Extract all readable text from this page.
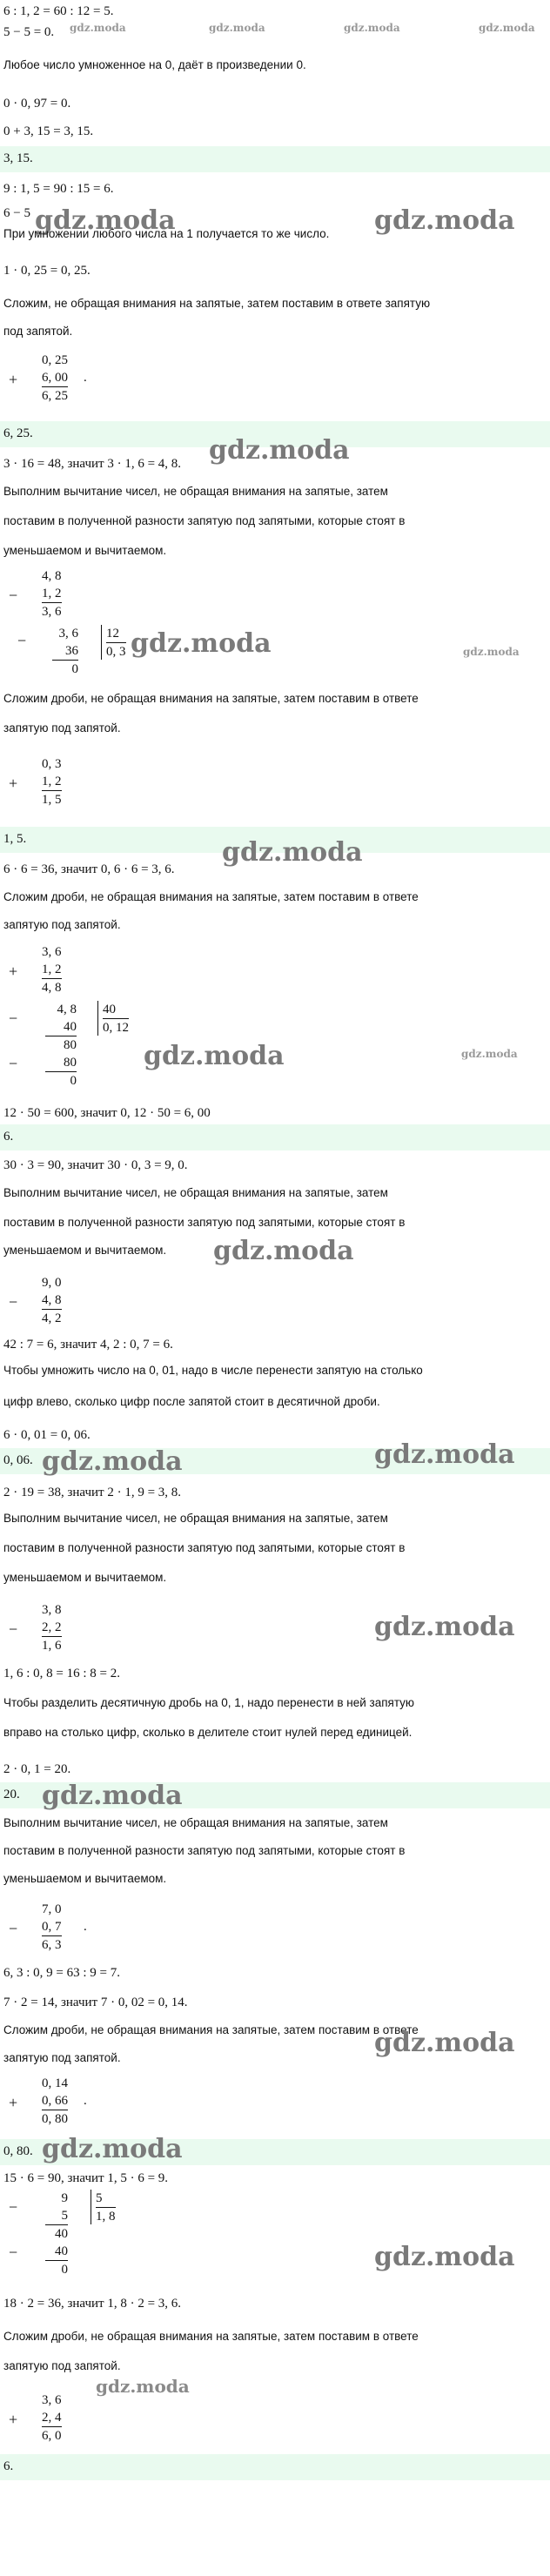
gdz.moda	gdz.moda	gdz.moda	gdz.moda
6 : 1, 2 = 60 : 12 = 5.
5 − 5 = 0.
Любое число умноженное на 0, даёт в произведении 0.
0 · 0, 97 = 0.
0 + 3, 15 = 3, 15.
3, 15.
9 : 1, 5 = 90 : 15 = 6.
6 − 5 gdz.moda	gdz.moda
При умножении любого числа на 1 получается то же число.
1 · 0, 25 = 0, 25.
Сложим, не обращая внимания на запятые, затем поставим в ответе запятую
под запятой.
+
0, 25
6, 00
6, 25
.
6, 25.
gdz.moda
3 · 16 = 48, значит 3 · 1, 6 = 4, 8.
Выполним вычитание чисел, не обращая внимания на запятые, затем
поставим в полученной разности запятую под запятыми, которые стоят в
уменьшаемом и вычитаемом.
−
4, 8
1, 2
3, 6
−	3, 6
36
0
12
0, 3 gdz.moda	gdz.moda
Сложим дроби, не обращая внимания на запятые, затем поставим в ответе
запятую под запятой.
+
0, 3
1, 2
1, 5
1, 5.	gdz.moda
6 · 6 = 36, значит 0, 6 · 6 = 3, 6.
Сложим дроби, не обращая внимания на запятые, затем поставим в ответе
запятую под запятой.
+
3, 6
1, 2
4, 8
−
−
4, 8
40
80
80
0
40
0, 12
gdz.moda	gdz.moda
12 · 50 = 600, значит 0, 12 · 50 = 6, 00
6.
30 · 3 = 90, значит 30 · 0, 3 = 9, 0.
Выполним вычитание чисел, не обращая внимания на запятые, затем
поставим в полученной разности запятую под запятыми, которые стоят в
уменьшаемом и вычитаемом. gdz.moda
−
9, 0
4, 8
4, 2
42 : 7 = 6, значит 4, 2 : 0, 7 = 6.
Чтобы умножить число на 0, 01, надо в числе перенести запятую на столько
цифр влево, сколько цифр после запятой стоит в десятичной дроби.
6 · 0, 01 = 0, 06.
0, 06. gdz.moda	gdz.moda
2 · 19 = 38, значит 2 · 1, 9 = 3, 8.
Выполним вычитание чисел, не обращая внимания на запятые, затем
поставим в полученной разности запятую под запятыми, которые стоят в
уменьшаемом и вычитаемом.
−
3, 8
2, 2
1, 6
gdz.moda
1, 6 : 0, 8 = 16 : 8 = 2.
Чтобы разделить десятичную дробь на 0, 1, надо перенести в ней запятую
вправо на столько цифр, сколько в делителе стоит нулей перед единицей.
2 · 0, 1 = 20.
20. gdz.moda
Выполним вычитание чисел, не обращая внимания на запятые, затем
поставим в полученной разности запятую под запятыми, которые стоят в
уменьшаемом и вычитаемом.
−
7, 0
0, 7
6, 3
.
6, 3 : 0, 9 = 63 : 9 = 7.
7 · 2 = 14, значит 7 · 0, 02 = 0, 14.
Сложим дроби, не обращая внимания на запятые, затем поставим в ответе
запятую под запятой.	gdz.moda
+
0, 14
0, 66
0, 80
.
0, 80. gdz.moda
15 · 6 = 90, значит 1, 5 · 6 = 9.
−
−
9
5
40
40
0
5
1, 8
gdz.moda
18 · 2 = 36, значит 1, 8 · 2 = 3, 6.
Сложим дроби, не обращая внимания на запятые, затем поставим в ответе
запятую под запятой.
gdz.moda
+
3, 6
2, 4
6, 0
6.
